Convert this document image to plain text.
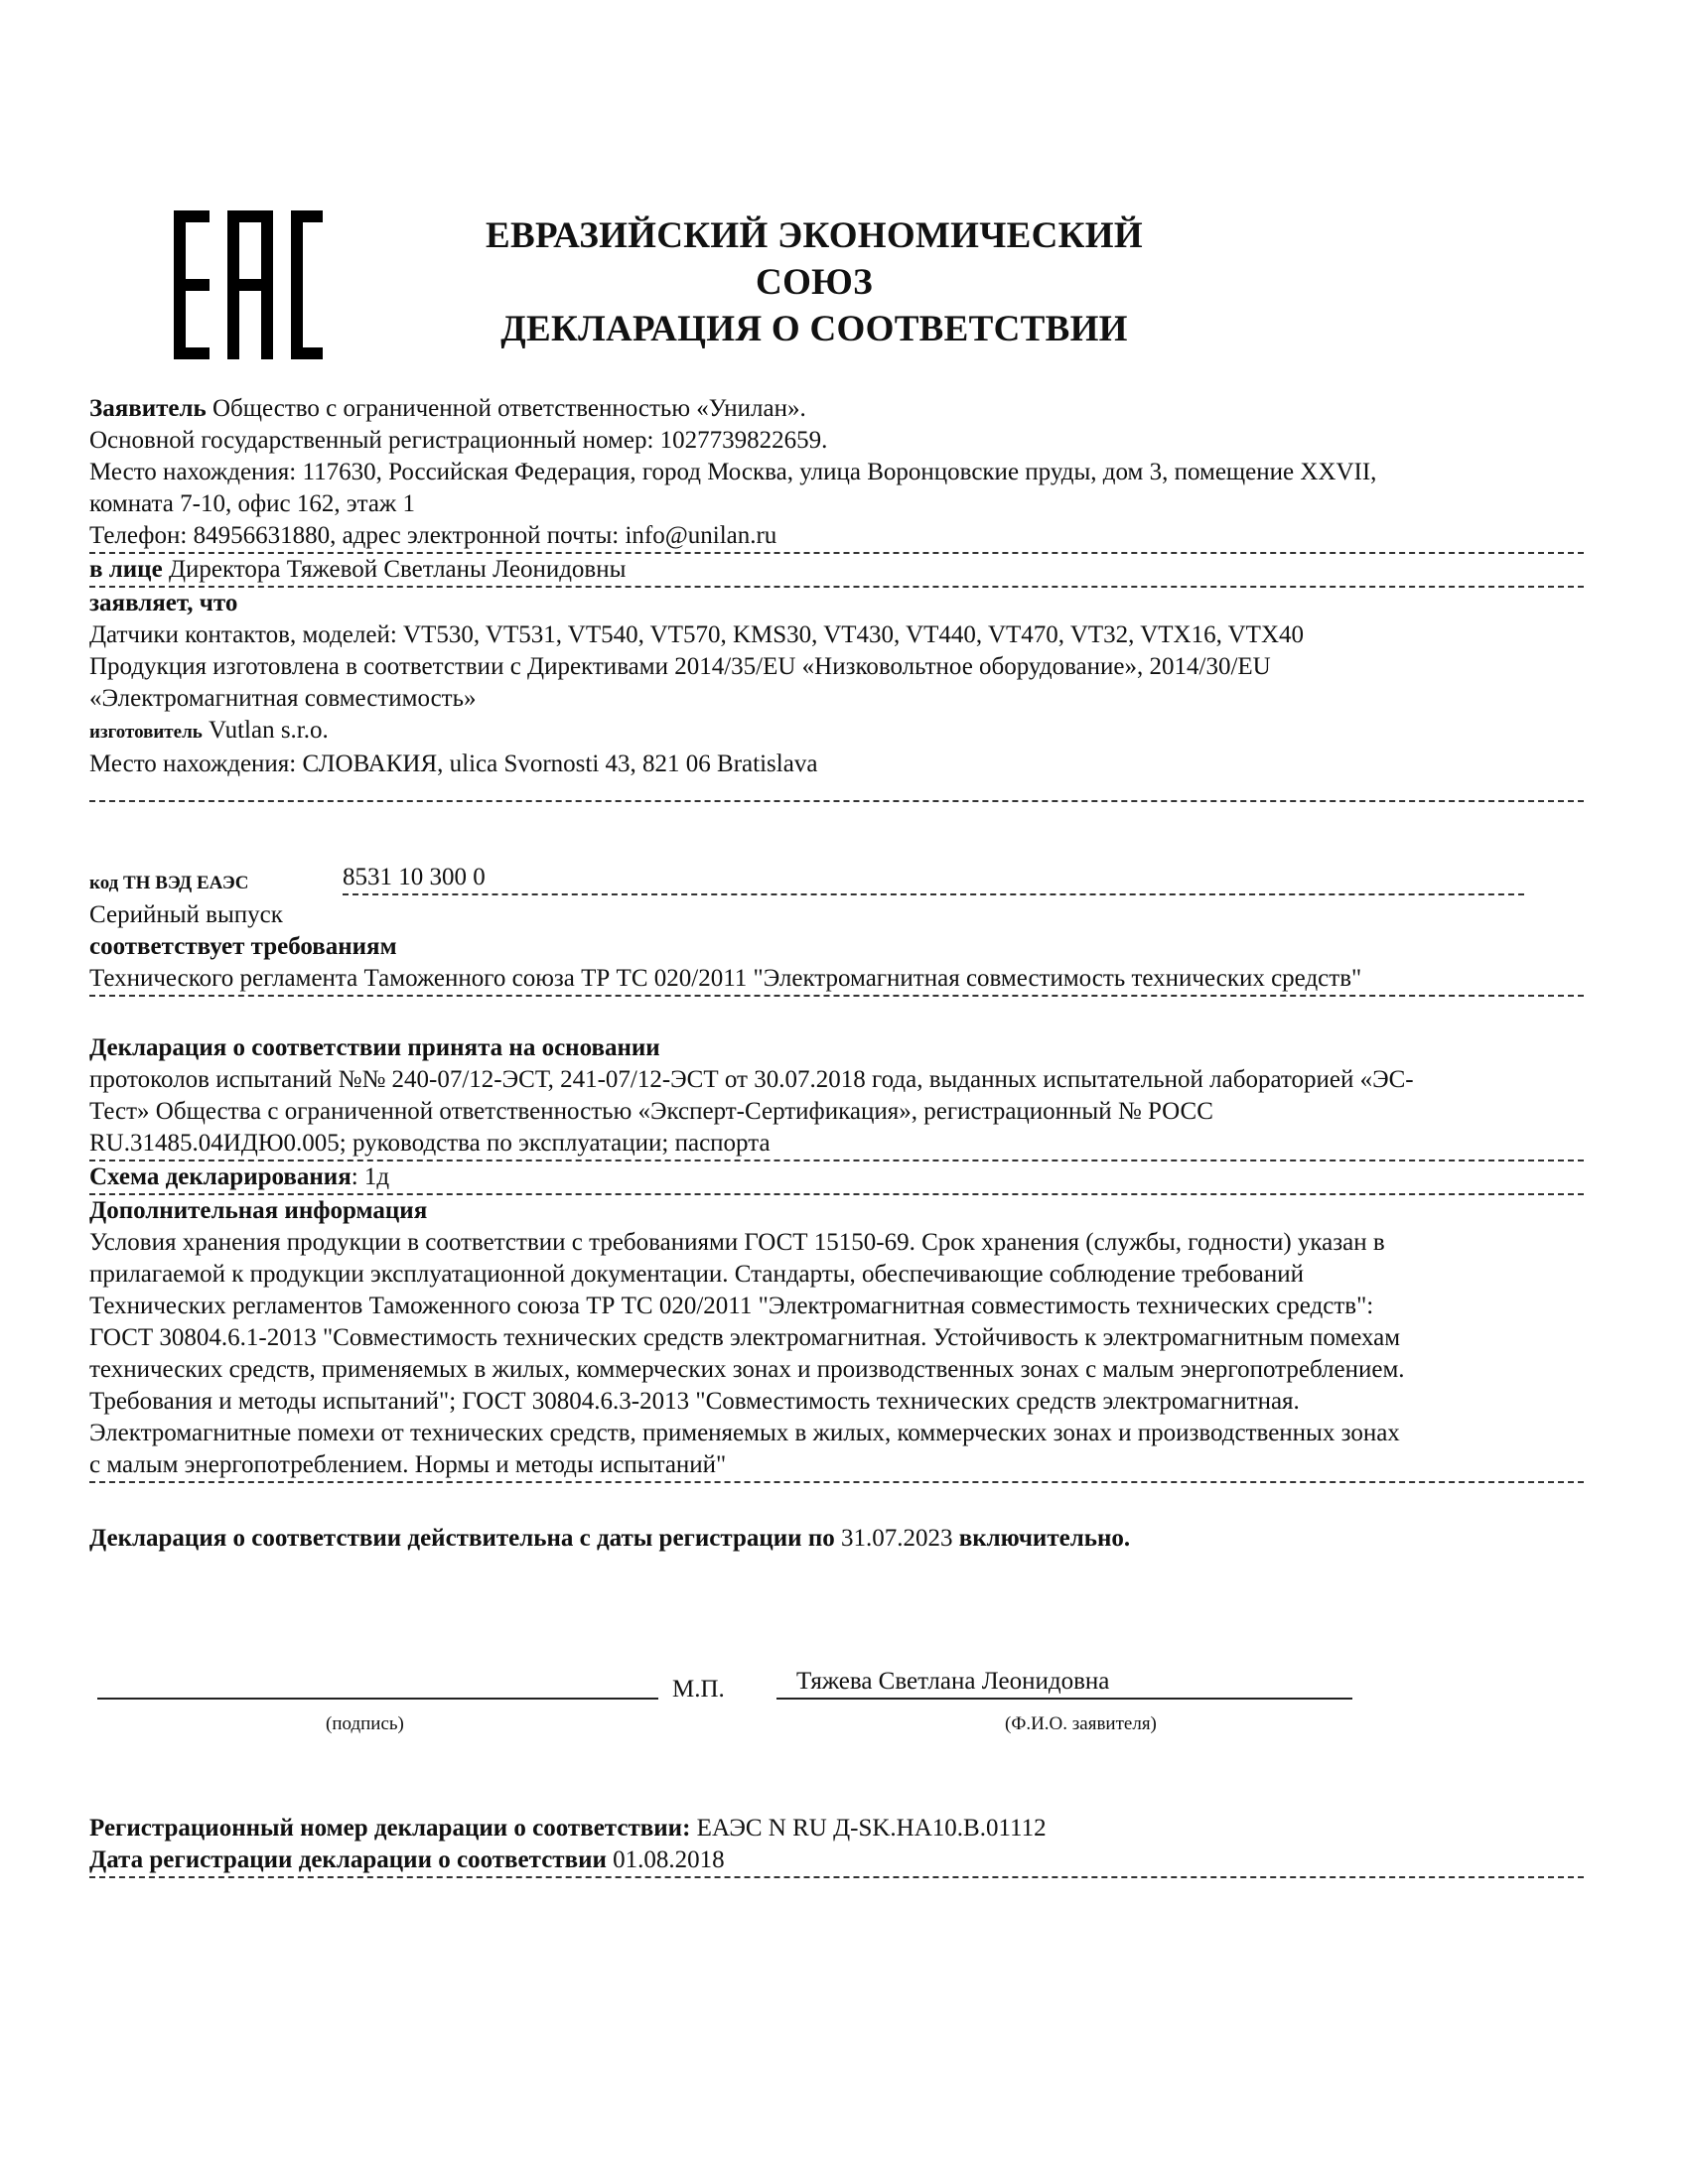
ЕВРАЗИЙСКИЙ ЭКОНОМИЧЕСКИЙ СОЮЗ
ДЕКЛАРАЦИЯ О СООТВЕТСТВИИ
Заявитель Общество с ограниченной ответственностью «Унилан».
Основной государственный регистрационный номер: 1027739822659.
Место нахождения: 117630, Российская Федерация, город Москва, улица Воронцовские пруды, дом 3, помещение XXVII,
комната 7-10, офис 162, этаж 1
Телефон: 84956631880, адрес электронной почты: info@unilan.ru
в лице Директора Тяжевой Светланы Леонидовны
заявляет, что
Датчики контактов, моделей: VT530, VT531, VT540, VT570, KMS30, VT430, VT440, VT470, VT32, VTX16, VTX40
Продукция изготовлена в соответствии с Директивами 2014/35/EU «Низковольтное оборудование», 2014/30/EU
«Электромагнитная совместимость»
изготовитель Vutlan s.r.o.
Место нахождения: СЛОВАКИЯ, ulica Svornosti 43, 821 06 Bratislava
код ТН ВЭД ЕАЭС	8531 10 300 0
Серийный выпуск
соответствует требованиям
Технического регламента Таможенного союза ТР ТС 020/2011 "Электромагнитная совместимость технических средств"
Декларация о соответствии принята на основании
протоколов испытаний №№ 240-07/12-ЭСТ, 241-07/12-ЭСТ от 30.07.2018 года, выданных испытательной лабораторией «ЭС-
Тест» Общества с ограниченной ответственностью «Эксперт-Сертификация», регистрационный № РОСС
RU.31485.04ИДЮ0.005; руководства по эксплуатации; паспорта
Схема декларирования: 1д
Дополнительная информация
Условия хранения продукции в соответствии с требованиями ГОСТ 15150-69. Срок хранения (службы, годности) указан в
прилагаемой к продукции эксплуатационной документации. Стандарты, обеспечивающие соблюдение требований
Технических регламентов Таможенного союза ТР ТС 020/2011 "Электромагнитная совместимость технических средств":
ГОСТ 30804.6.1-2013 "Совместимость технических средств электромагнитная. Устойчивость к электромагнитным помехам
технических средств, применяемых в жилых, коммерческих зонах и производственных зонах с малым энергопотреблением.
Требования и методы испытаний"; ГОСТ 30804.6.3-2013 "Совместимость технических средств электромагнитная.
Электромагнитные помехи от технических средств, применяемых в жилых, коммерческих зонах и производственных зонах
с малым энергопотреблением. Нормы и методы испытаний"
Декларация о соответствии действительна с даты регистрации по 31.07.2023 включительно.
(подпись)
М.П.	Тяжева Светлана Леонидовна
(Ф.И.О. заявителя)
Регистрационный номер декларации о соответствии: ЕАЭС N RU Д-SK.НА10.В.01112
Дата регистрации декларации о соответствии 01.08.2018
